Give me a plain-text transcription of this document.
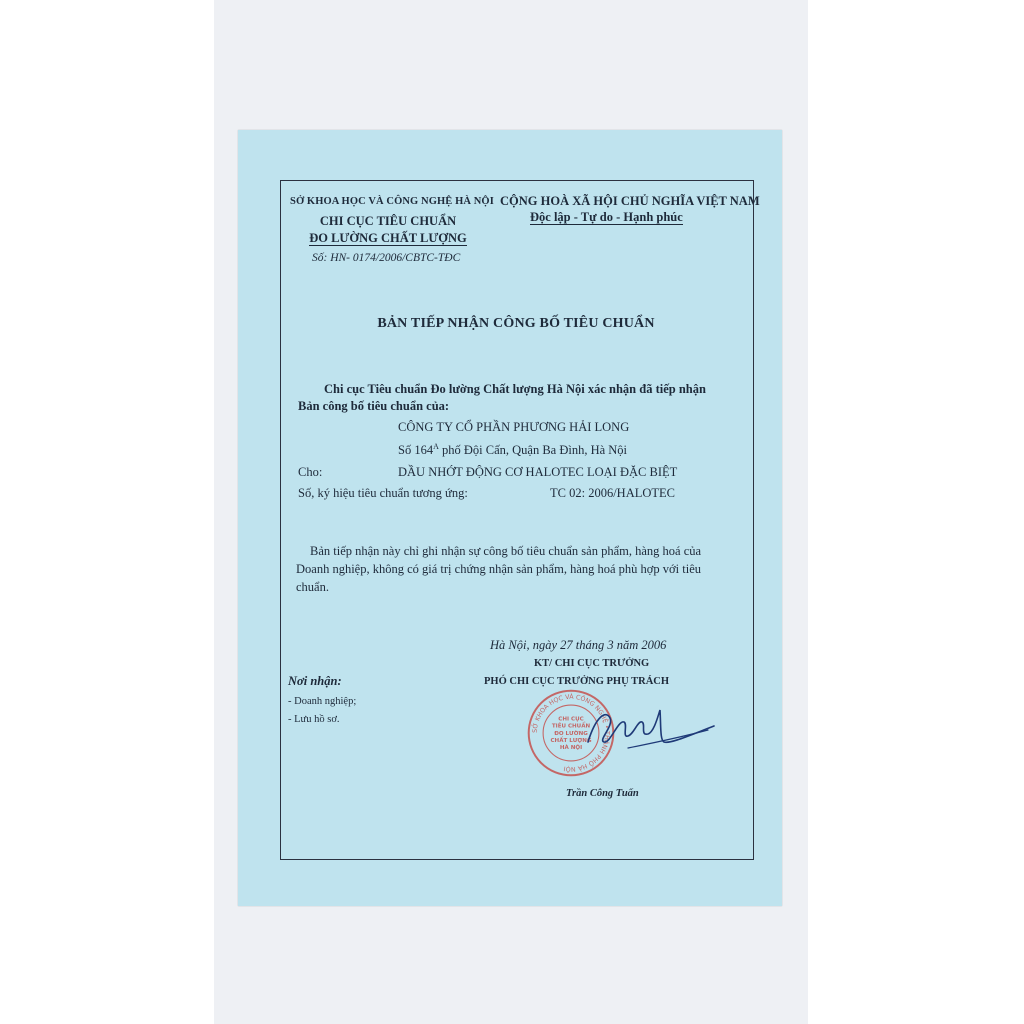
SỞ KHOA HỌC VÀ CÔNG NGHỆ HÀ NỘI
CHI CỤC TIÊU CHUẨN
ĐO LƯỜNG CHẤT LƯỢNG
Số: HN- 0174/2006/CBTC-TĐC
CỘNG HOÀ XÃ HỘI CHỦ NGHĨA VIỆT NAM
Độc lập - Tự do - Hạnh phúc
BẢN TIẾP NHẬN CÔNG BỐ TIÊU CHUẨN
Chi cục Tiêu chuẩn Đo lường Chất lượng Hà Nội xác nhận đã tiếp nhận
Bản công bố tiêu chuẩn của:
CÔNG TY CỔ PHẦN PHƯƠNG HẢI LONG
Số $164^A$ phố Đội Cấn, Quận Ba Đình, Hà Nội
Cho:	DẦU NHỚT ĐỘNG CƠ HALOTEC LOẠI ĐẶC BIỆT
Số, ký hiệu tiêu chuẩn tương ứng:	TC 02: 2006/HALOTEC
Bản tiếp nhận này chỉ ghi nhận sự công bố tiêu chuẩn sản phẩm, hàng hoá của
Doanh nghiệp, không có giá trị chứng nhận sản phẩm, hàng hoá phù hợp với tiêu
chuẩn.
Hà Nội, ngày 27 tháng 3 năm 2006
KT/ CHI CỤC TRƯỞNG
PHÓ CHI CỤC TRƯỞNG PHỤ TRÁCH
Nơi nhận:
- Doanh nghiệp;
- Lưu hồ sơ.
SỞ KHOA HỌC VÀ CÔNG NGHỆ • THÀNH PHỐ HÀ NỘI
CHI CỤC
TIÊU CHUẨN
ĐO LƯỜNG
CHẤT LƯỢNG
HÀ NỘI
Trần Công Tuấn
